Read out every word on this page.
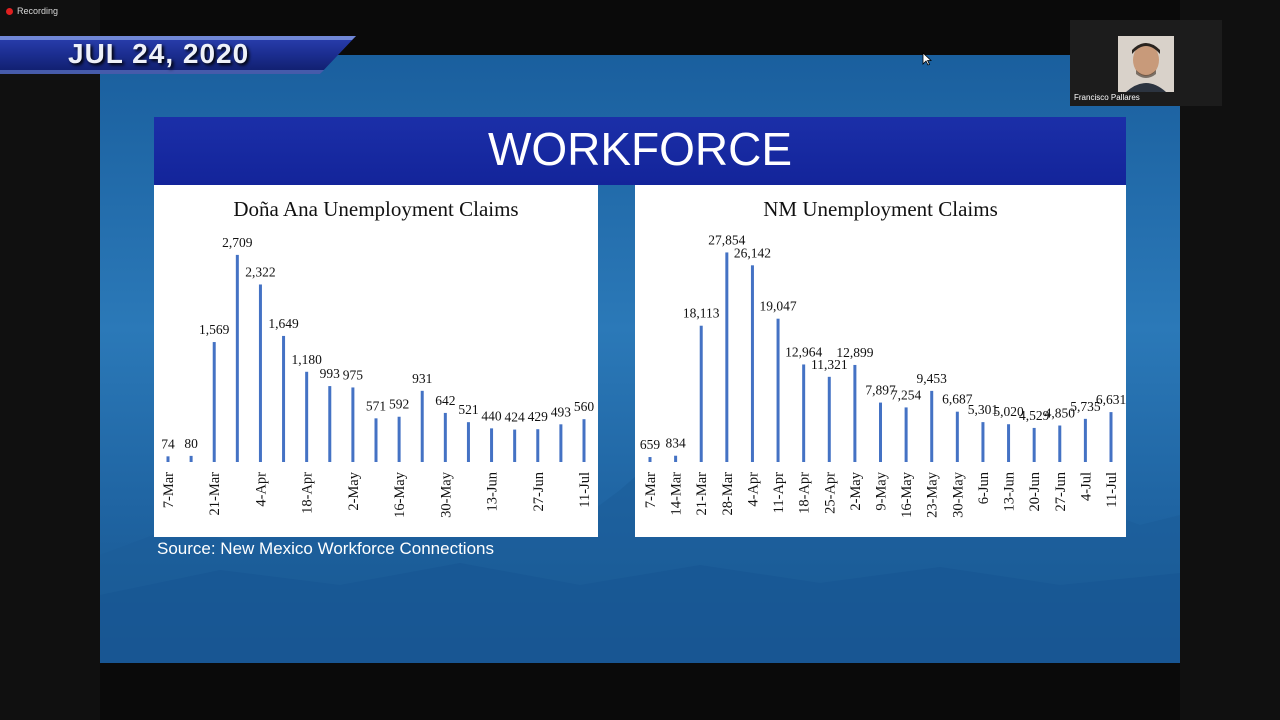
Recording
JUL 24, 2020
WORKFORCE
Doña Ana Unemployment Claims
74
7-Mar
80
1,569
21-Mar
2,709
2,322
4-Apr
1,649
1,180
18-Apr
993 975
2-May
571 592
16-May
931
642
30-May
521 440
13-Jun
424 429
27-Jun
493 560
11-Jul
NM Unemployment Claims
659
7-Mar
834
14-Mar
18,113
21-Mar
27,854
28-Mar
26,142
4-Apr
19,047
11-Apr
12,964
18-Apr
11,321
25-Apr
12,899
2-May
7,897
9-May
7,254
16-May
9,453
23-May
6,687
30-May
5,301
6-Jun
5,020
13-Jun
4,529
20-Jun
4,850
27-Jun
5,735
4-Jul
6,631
11-Jul
Source: New Mexico Workforce Connections
Francisco Pallares
